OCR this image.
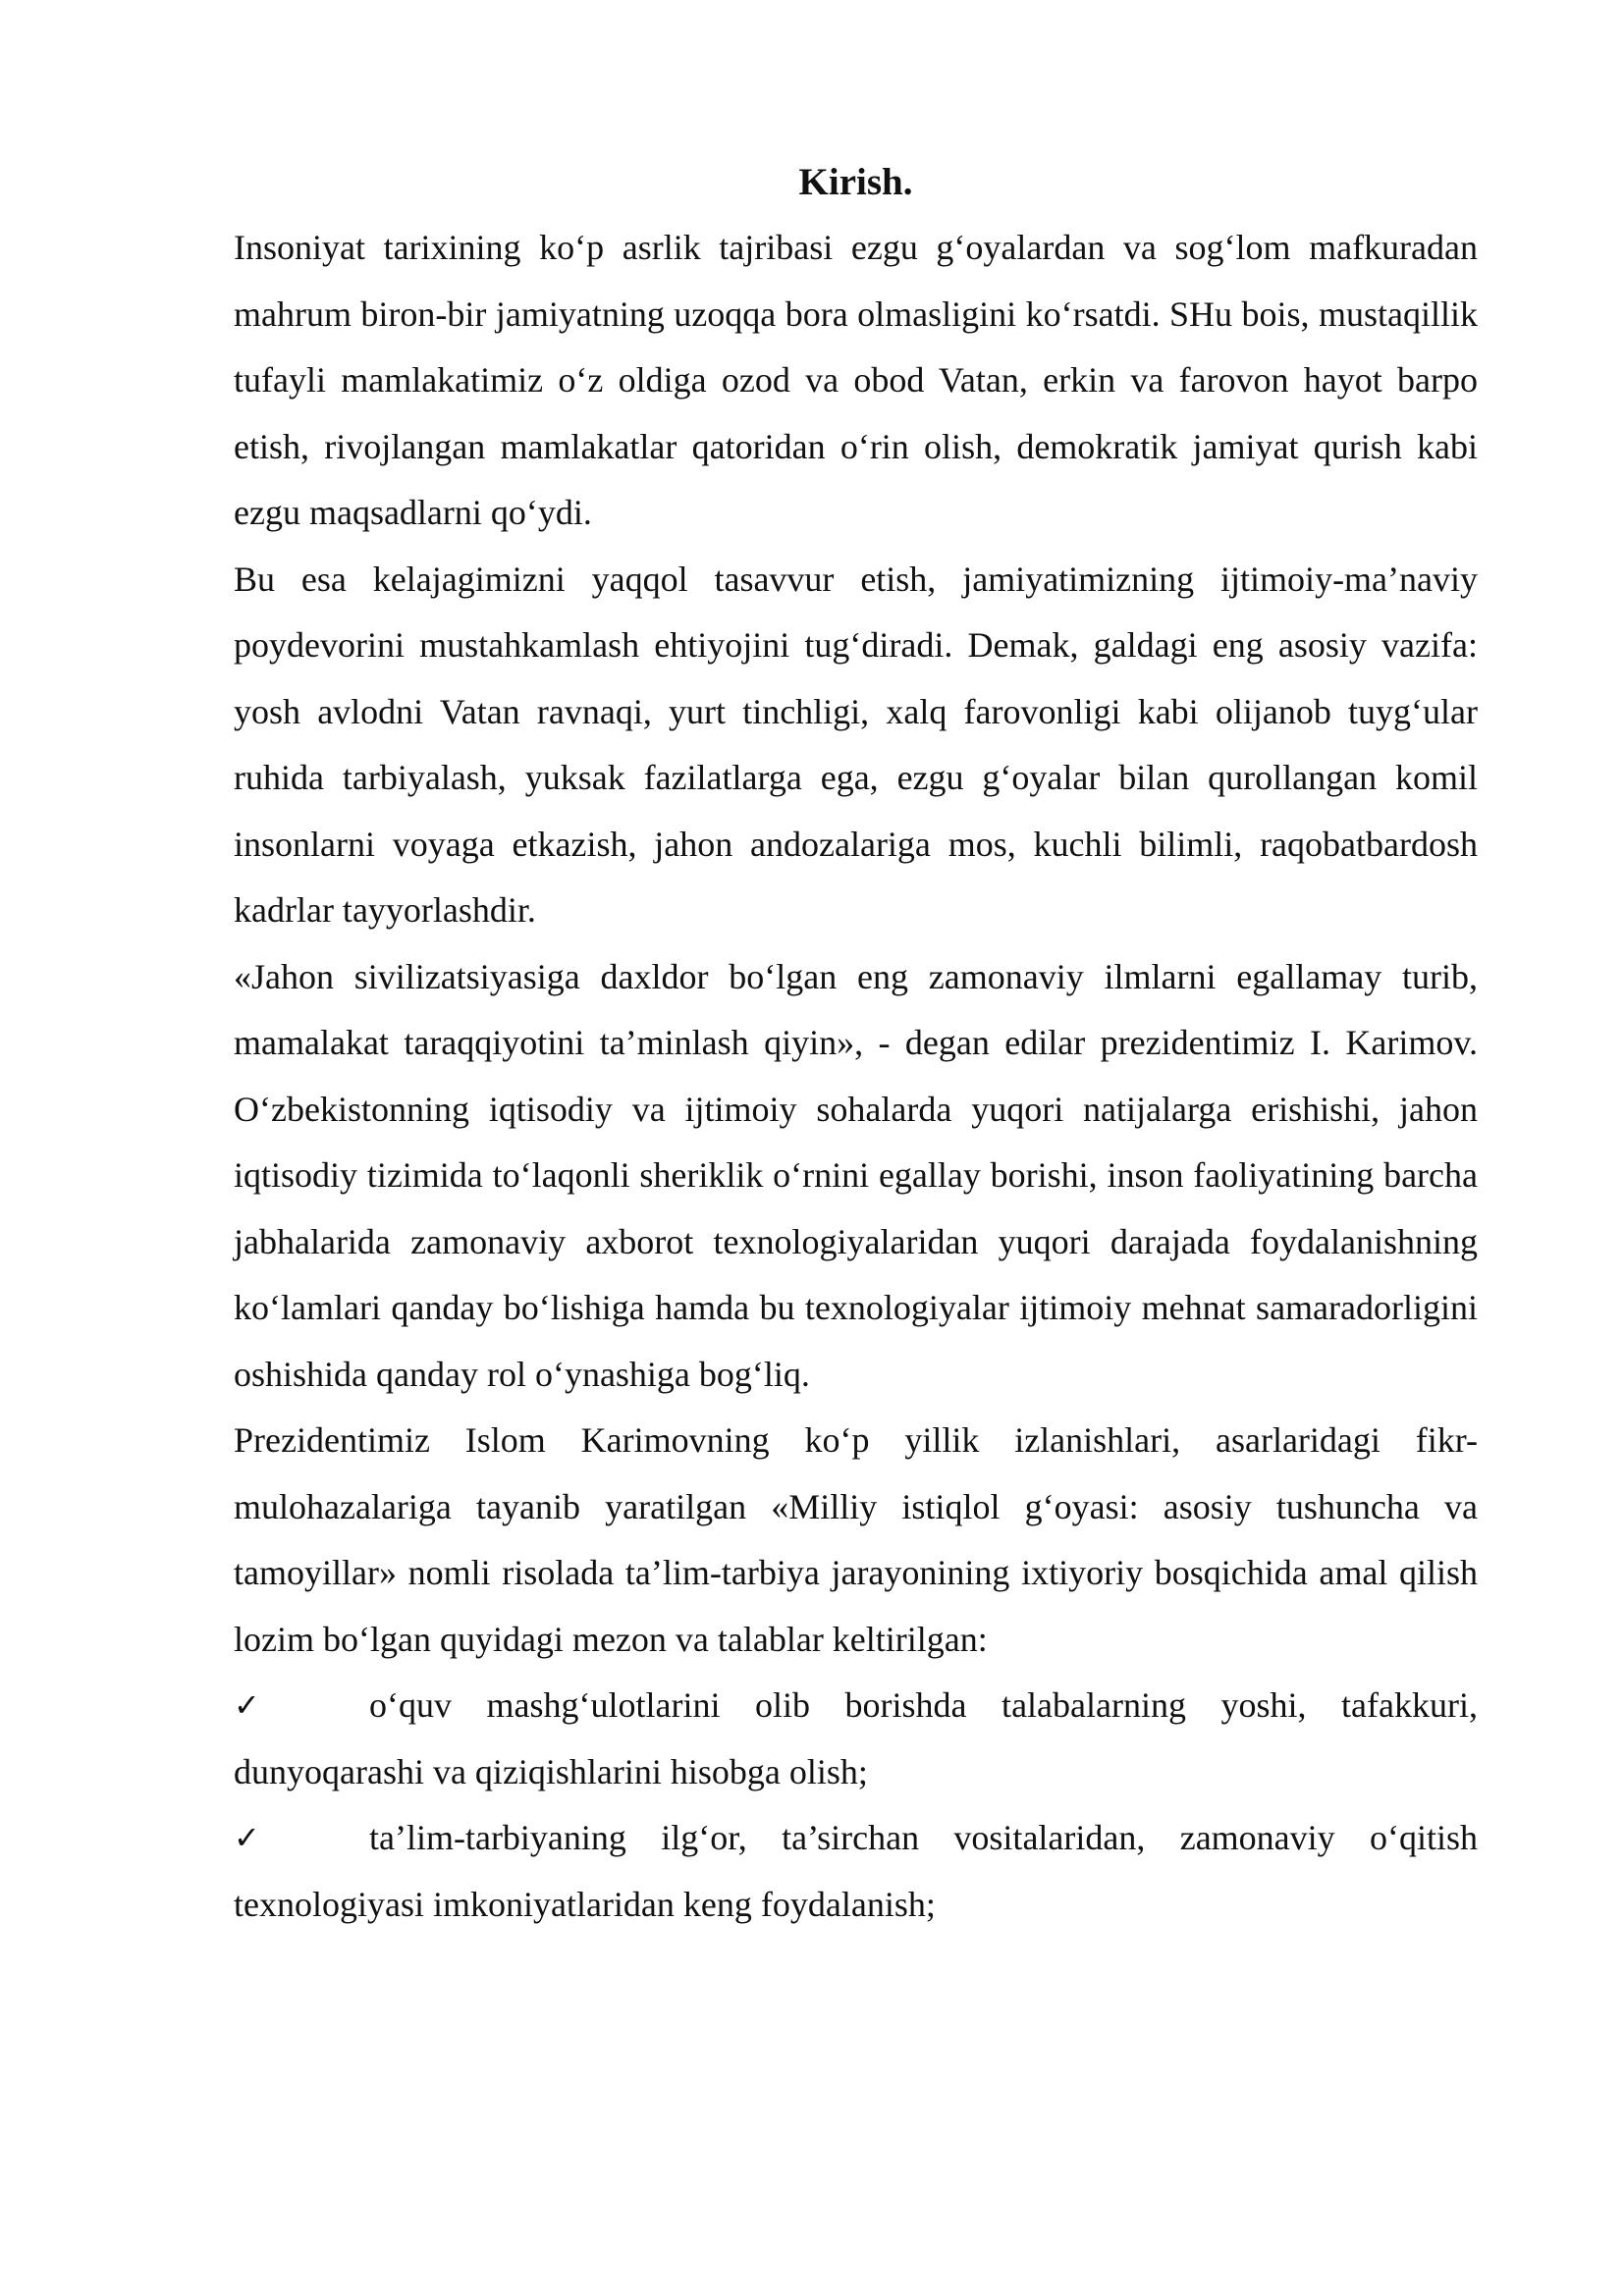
Kirish.

Insoniyat tarixining ko‘p asrlik tajribasi ezgu g‘oyalardan va sog‘lom mafkuradan mahrum biron-bir jamiyatning uzoqqa bora olmasligini ko‘rsatdi. SHu bois, mustaqillik tufayli mamlakatimiz o‘z oldiga ozod va obod Vatan, erkin va farovon hayot barpo etish, rivojlangan mamlakatlar qatoridan o‘rin olish, demokratik jamiyat qurish kabi ezgu maqsadlarni qo‘ydi.

Bu esa kelajagimizni yaqqol tasavvur etish, jamiyatimizning ijtimoiy-ma’naviy poydevorini mustahkamlash ehtiyojini tug‘diradi. Demak, galdagi eng asosiy vazifa: yosh avlodni Vatan ravnaqi, yurt tinchligi, xalq farovonligi kabi olijanob tuyg‘ular ruhida tarbiyalash, yuksak fazilatlarga ega, ezgu g‘oyalar bilan qurollangan komil insonlarni voyaga etkazish, jahon andozalariga mos, kuchli bilimli, raqobatbardosh kadrlar tayyorlashdir.

«Jahon sivilizatsiyasiga daxldor bo‘lgan eng zamonaviy ilmlarni egallamay turib, mamalakat taraqqiyotini ta’minlash qiyin», - degan edilar prezidentimiz I. Karimov. O‘zbekistonning iqtisodiy va ijtimoiy sohalarda yuqori natijalarga erishishi, jahon iqtisodiy tizimida to‘laqonli sheriklik o‘rnini egallay borishi, inson faoliyatining barcha jabhalarida zamonaviy axborot texnologiyalaridan yuqori darajada foydalanishning ko‘lamlari qanday bo‘lishiga hamda bu texnologiyalar ijtimoiy mehnat samaradorligini oshishida qanday rol o‘ynashiga bog‘liq.

Prezidentimiz Islom Karimovning ko‘p yillik izlanishlari, asarlaridagi fikr-mulohazalariga tayanib yaratilgan «Milliy istiqlol g‘oyasi: asosiy tushuncha va tamoyillar» nomli risolada ta’lim-tarbiya jarayonining ixtiyoriy bosqichida amal qilish lozim bo‘lgan quyidagi mezon va talablar keltirilgan:

✓	o‘quv mashg‘ulotlarini olib borishda talabalarning yoshi, tafakkuri, dunyoqarashi va qiziqishlarini hisobga olish;
✓	ta’lim-tarbiyaning ilg‘or, ta’sirchan vositalaridan, zamonaviy o‘qitish texnologiyasi imkoniyatlaridan keng foydalanish;
